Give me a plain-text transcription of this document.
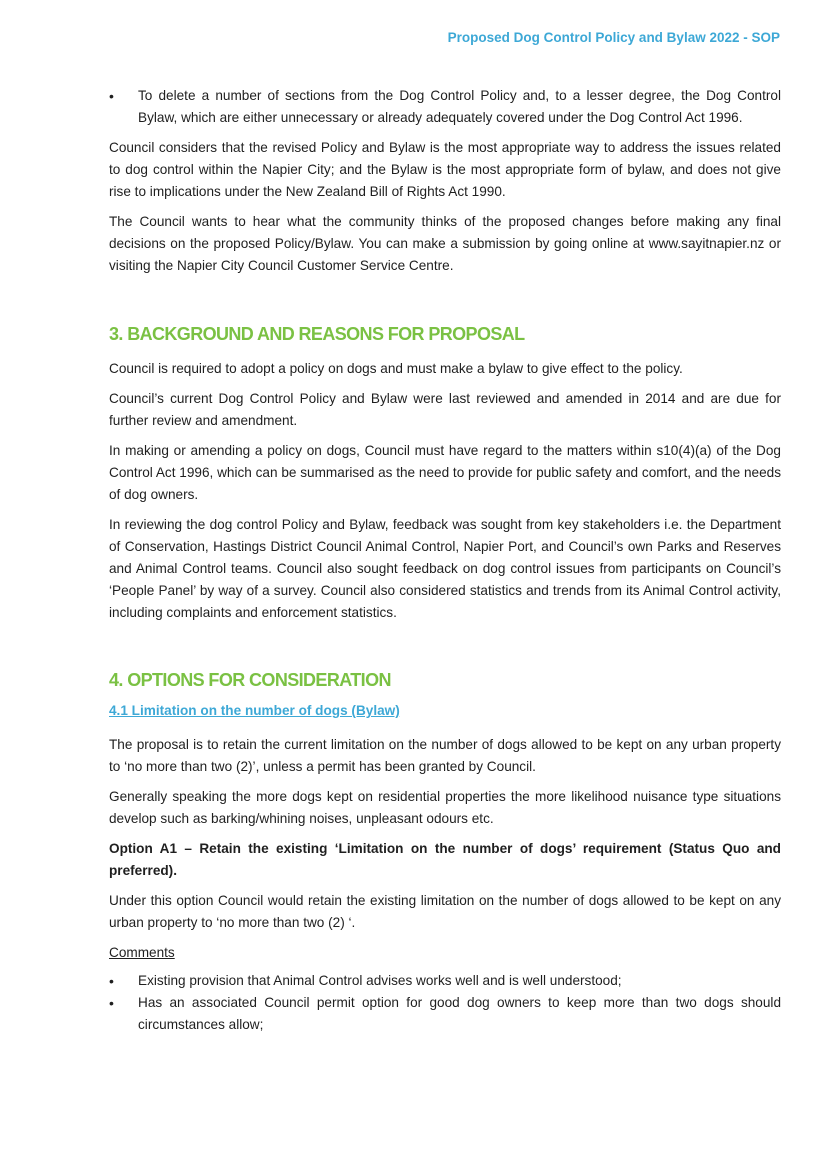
Proposed Dog Control Policy and Bylaw 2022 - SOP
• To delete a number of sections from the Dog Control Policy and, to a lesser degree, the Dog Control Bylaw, which are either unnecessary or already adequately covered under the Dog Control Act 1996.

Council considers that the revised Policy and Bylaw is the most appropriate way to address the issues related to dog control within the Napier City; and the Bylaw is the most appropriate form of bylaw, and does not give rise to implications under the New Zealand Bill of Rights Act 1990.

The Council wants to hear what the community thinks of the proposed changes before making any final decisions on the proposed Policy/Bylaw. You can make a submission by going online at www.sayitnapier.nz or visiting the Napier City Council Customer Service Centre.

3. BACKGROUND AND REASONS FOR PROPOSAL

Council is required to adopt a policy on dogs and must make a bylaw to give effect to the policy.

Council’s current Dog Control Policy and Bylaw were last reviewed and amended in 2014 and are due for further review and amendment.

In making or amending a policy on dogs, Council must have regard to the matters within s10(4)(a) of the Dog Control Act 1996, which can be summarised as the need to provide for public safety and comfort, and the needs of dog owners.

In reviewing the dog control Policy and Bylaw, feedback was sought from key stakeholders i.e. the Department of Conservation, Hastings District Council Animal Control, Napier Port, and Council’s own Parks and Reserves and Animal Control teams. Council also sought feedback on dog control issues from participants on Council’s ‘People Panel’ by way of a survey. Council also considered statistics and trends from its Animal Control activity, including complaints and enforcement statistics.

4. OPTIONS FOR CONSIDERATION
4.1 Limitation on the number of dogs (Bylaw)

The proposal is to retain the current limitation on the number of dogs allowed to be kept on any urban property to ‘no more than two (2)’, unless a permit has been granted by Council.

Generally speaking the more dogs kept on residential properties the more likelihood nuisance type situations develop such as barking/whining noises, unpleasant odours etc.

Option A1 – Retain the existing ‘Limitation on the number of dogs’ requirement (Status Quo and preferred).

Under this option Council would retain the existing limitation on the number of dogs allowed to be kept on any urban property to ‘no more than two (2) ‘.

Comments
• Existing provision that Animal Control advises works well and is well understood;
• Has an associated Council permit option for good dog owners to keep more than two dogs should circumstances allow;
